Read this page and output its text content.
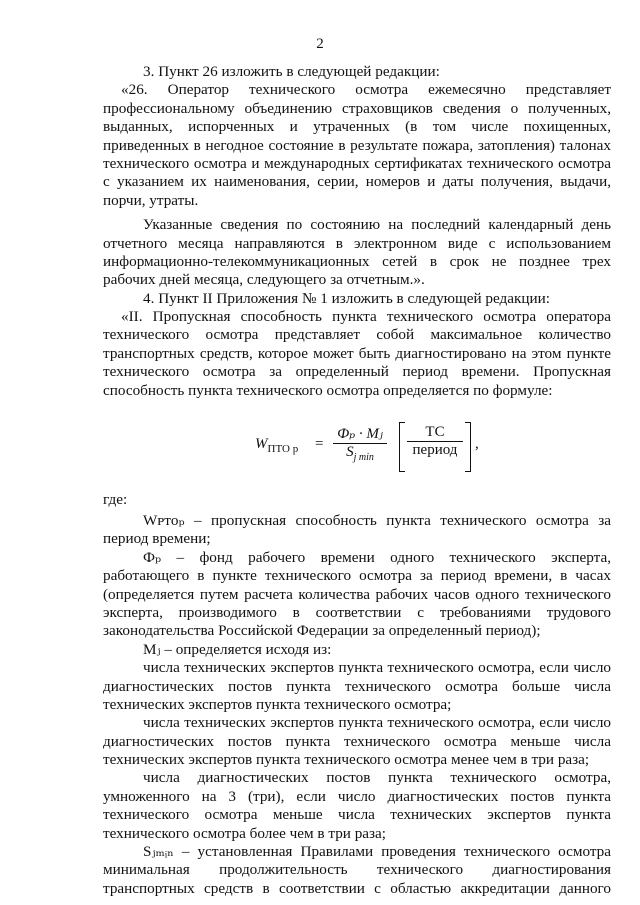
2
3. Пункт 26 изложить в следующей редакции:
«26. Оператор технического осмотра ежемесячно представляет
профессиональному объединению страховщиков сведения о полученных,
выданных, испорченных и утраченных (в том числе похищенных,
приведенных в негодное состояние в результате пожара, затопления) талонах
технического осмотра и международных сертификатах технического осмотра
с указанием их наименования, серии, номеров и даты получения, выдачи,
порчи, утраты.
Указанные сведения по состоянию на последний календарный день
отчетного месяца направляются в электронном виде с использованием
информационно-телекоммуникационных сетей в срок не позднее трех
рабочих дней месяца, следующего за отчетным.».
4. Пункт II Приложения № 1 изложить в следующей редакции:
«II. Пропускная способность пункта технического осмотра оператора
технического осмотра представляет собой максимальное количество
транспортных средств, которое может быть диагностировано на этом пункте
технического осмотра за определенный период времени. Пропускная
способность пункта технического осмотра определяется по формуле:
$W_{ПТО р}$ =
Фₚ · Mⱼ
$S_{j min}$
ТС
период	,
где:
Wᴘᴛᴏₚ – пропускная способность пункта технического осмотра за
период времени;
Фₚ – фонд рабочего времени одного технического эксперта,
работающего в пункте технического осмотра за период времени, в часах
(определяется путем расчета количества рабочих часов одного технического
эксперта, производимого в соответствии с требованиями трудового
законодательства Российской Федерации за определенный период);
Mⱼ – определяется исходя из:
числа технических экспертов пункта технического осмотра, если число
диагностических постов пункта технического осмотра больше числа
технических экспертов пункта технического осмотра;
числа технических экспертов пункта технического осмотра, если число
диагностических постов пункта технического осмотра меньше числа
технических экспертов пункта технического осмотра менее чем в три раза;
числа диагностических постов пункта технического осмотра,
умноженного на 3 (три), если число диагностических постов пункта
технического осмотра меньше числа технических экспертов пункта
технического осмотра более чем в три раза;
Sⱼₘᵢₙ – установленная Правилами проведения технического осмотра
минимальная продолжительность технического диагностирования
транспортных средств в соответствии с областью аккредитации данного
